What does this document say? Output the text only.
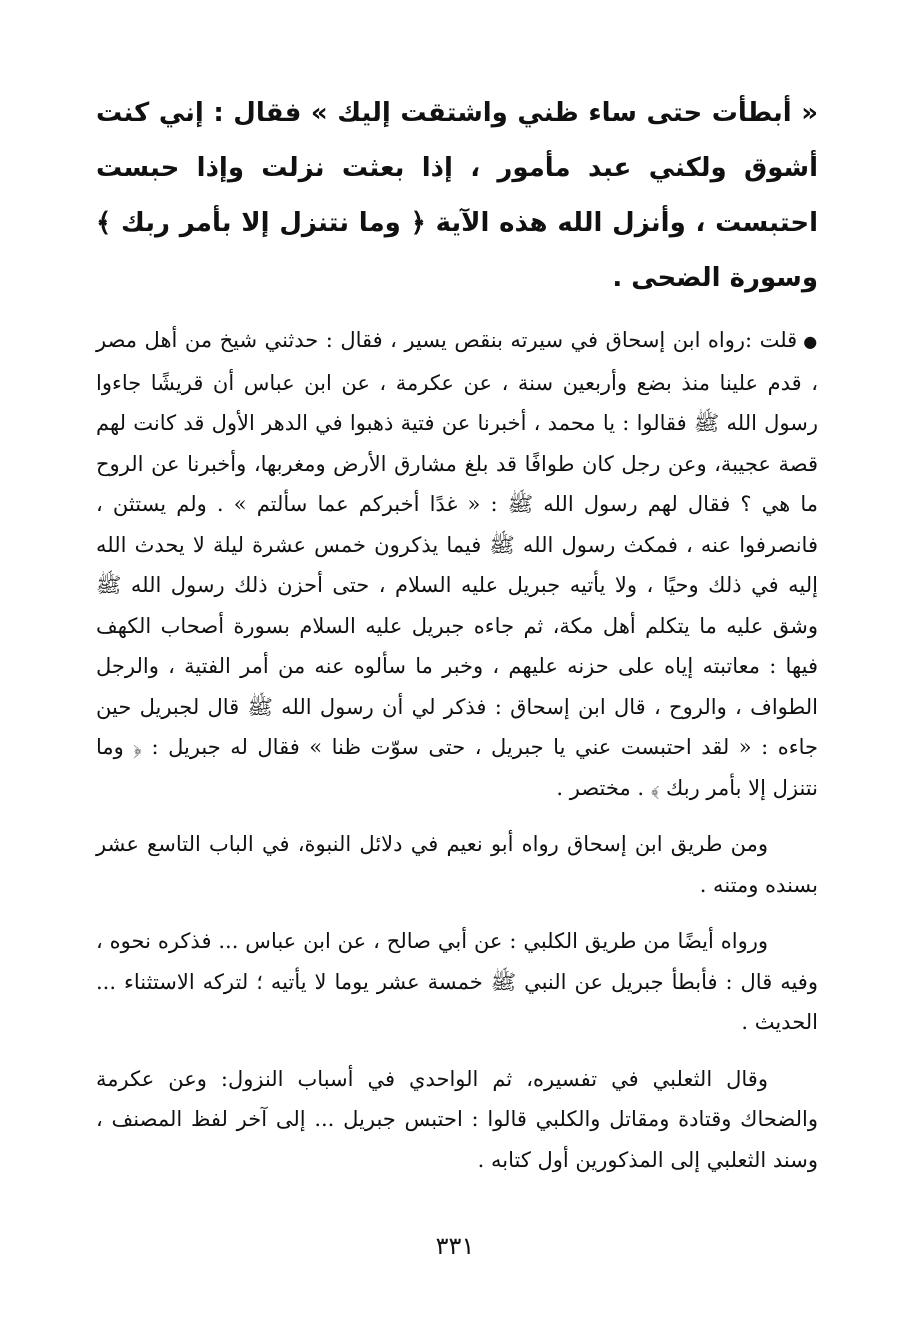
« أبطأت حتى ساء ظني واشتقت إليك » فقال : إني كنت أشوق ولكني عبد مأمور ، إذا بعثت نزلت وإذا حبست احتبست ، وأنزل الله هذه الآية ﴿ وما نتنزل إلا بأمر ربك ﴾ وسورة الضحى .

●قلت :رواه ابن إسحاق في سيرته بنقص يسير ، فقال : حدثني شيخ من أهل مصر ، قدم علينا منذ بضع وأربعين سنة ، عن عكرمة ، عن ابن عباس أن قريشًا جاءوا رسول الله ﷺ فقالوا : يا محمد ، أخبرنا عن فتية ذهبوا في الدهر الأول قد كانت لهم قصة عجيبة، وعن رجل كان طوافًا قد بلغ مشارق الأرض ومغربها، وأخبرنا عن الروح ما هي ؟ فقال لهم رسول الله ﷺ : « غدًا أخبركم عما سألتم » . ولم يستثن ، فانصرفوا عنه ، فمكث رسول الله ﷺ فيما يذكرون خمس عشرة ليلة لا يحدث الله إليه في ذلك وحيًا ، ولا يأتيه جبريل عليه السلام ، حتى أحزن ذلك رسول الله ﷺ وشق عليه ما يتكلم أهل مكة، ثم جاءه جبريل عليه السلام بسورة أصحاب الكهف فيها : معاتبته إياه على حزنه عليهم ، وخبر ما سألوه عنه من أمر الفتية ، والرجل الطواف ، والروح ، قال ابن إسحاق : فذكر لي أن رسول الله ﷺ قال لجبريل حين جاءه : « لقد احتبست عني يا جبريل ، حتى سوّت ظنا » فقال له جبريل : ﴿ وما نتنزل إلا بأمر ربك ﴾ . مختصر .

ومن طريق ابن إسحاق رواه أبو نعيم في دلائل النبوة، في الباب التاسع عشر بسنده ومتنه .

ورواه أيضًا من طريق الكلبي : عن أبي صالح ، عن ابن عباس ... فذكره نحوه ، وفيه قال : فأبطأ جبريل عن النبي ﷺ خمسة عشر يوما لا يأتيه ؛ لتركه الاستثناء ... الحديث .

وقال الثعلبي في تفسيره، ثم الواحدي في أسباب النزول: وعن عكرمة والضحاك وقتادة ومقاتل والكلبي قالوا : احتبس جبريل ... إلى آخر لفظ المصنف ، وسند الثعلبي إلى المذكورين أول كتابه .

٣٣١
